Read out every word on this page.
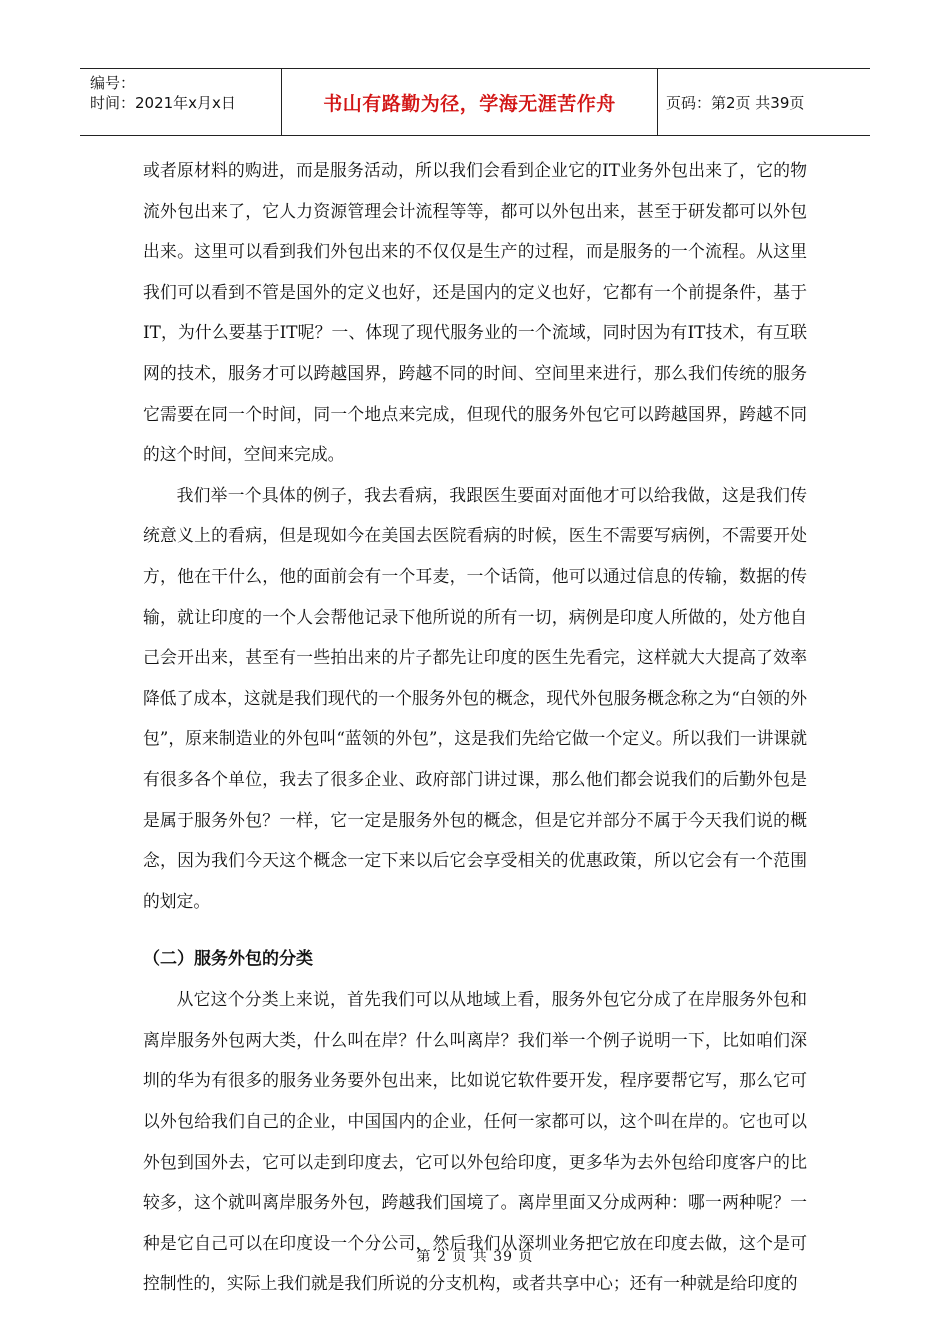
编号：
时间：2021年x月x日	书山有路勤为径，学海无涯苦作舟	页码：第2页 共39页

或者原材料的购进，而是服务活动，所以我们会看到企业它的IT业务外包出来了，它的物流外包出来了，它人力资源管理会计流程等等，都可以外包出来，甚至于研发都可以外包出来。这里可以看到我们外包出来的不仅仅是生产的过程，而是服务的一个流程。从这里我们可以看到不管是国外的定义也好，还是国内的定义也好，它都有一个前提条件，基于IT，为什么要基于IT呢？一、体现了现代服务业的一个流域，同时因为有IT技术，有互联网的技术，服务才可以跨越国界，跨越不同的时间、空间里来进行，那么我们传统的服务它需要在同一个时间，同一个地点来完成，但现代的服务外包它可以跨越国界，跨越不同的这个时间，空间来完成。

我们举一个具体的例子，我去看病，我跟医生要面对面他才可以给我做，这是我们传统意义上的看病，但是现如今在美国去医院看病的时候，医生不需要写病例，不需要开处方，他在干什么，他的面前会有一个耳麦，一个话筒，他可以通过信息的传输，数据的传输，就让印度的一个人会帮他记录下他所说的所有一切，病例是印度人所做的，处方他自己会开出来，甚至有一些拍出来的片子都先让印度的医生先看完，这样就大大提高了效率降低了成本，这就是我们现代的一个服务外包的概念，现代外包服务概念称之为“白领的外包”，原来制造业的外包叫“蓝领的外包”，这是我们先给它做一个定义。所以我们一讲课就有很多各个单位，我去了很多企业、政府部门讲过课，那么他们都会说我们的后勤外包是是属于服务外包？一样，它一定是服务外包的概念，但是它并部分不属于今天我们说的概念，因为我们今天这个概念一定下来以后它会享受相关的优惠政策，所以它会有一个范围的划定。

（二）服务外包的分类

从它这个分类上来说，首先我们可以从地域上看，服务外包它分成了在岸服务外包和离岸服务外包两大类，什么叫在岸？什么叫离岸？我们举一个例子说明一下，比如咱们深圳的华为有很多的服务业务要外包出来，比如说它软件要开发，程序要帮它写，那么它可以外包给我们自己的企业，中国国内的企业，任何一家都可以，这个叫在岸的。它也可以外包到国外去，它可以走到印度去，它可以外包给印度，更多华为去外包给印度客户的比较多，这个就叫离岸服务外包，跨越我们国境了。离岸里面又分成两种：哪一两种呢？一种是它自己可以在印度设一个分公司，然后我们从深圳业务把它放在印度去做，这个是可控制性的，实际上我们就是我们所说的分支机构，或者共享中心；还有一种就是给印度的

第 2 页 共 39 页
